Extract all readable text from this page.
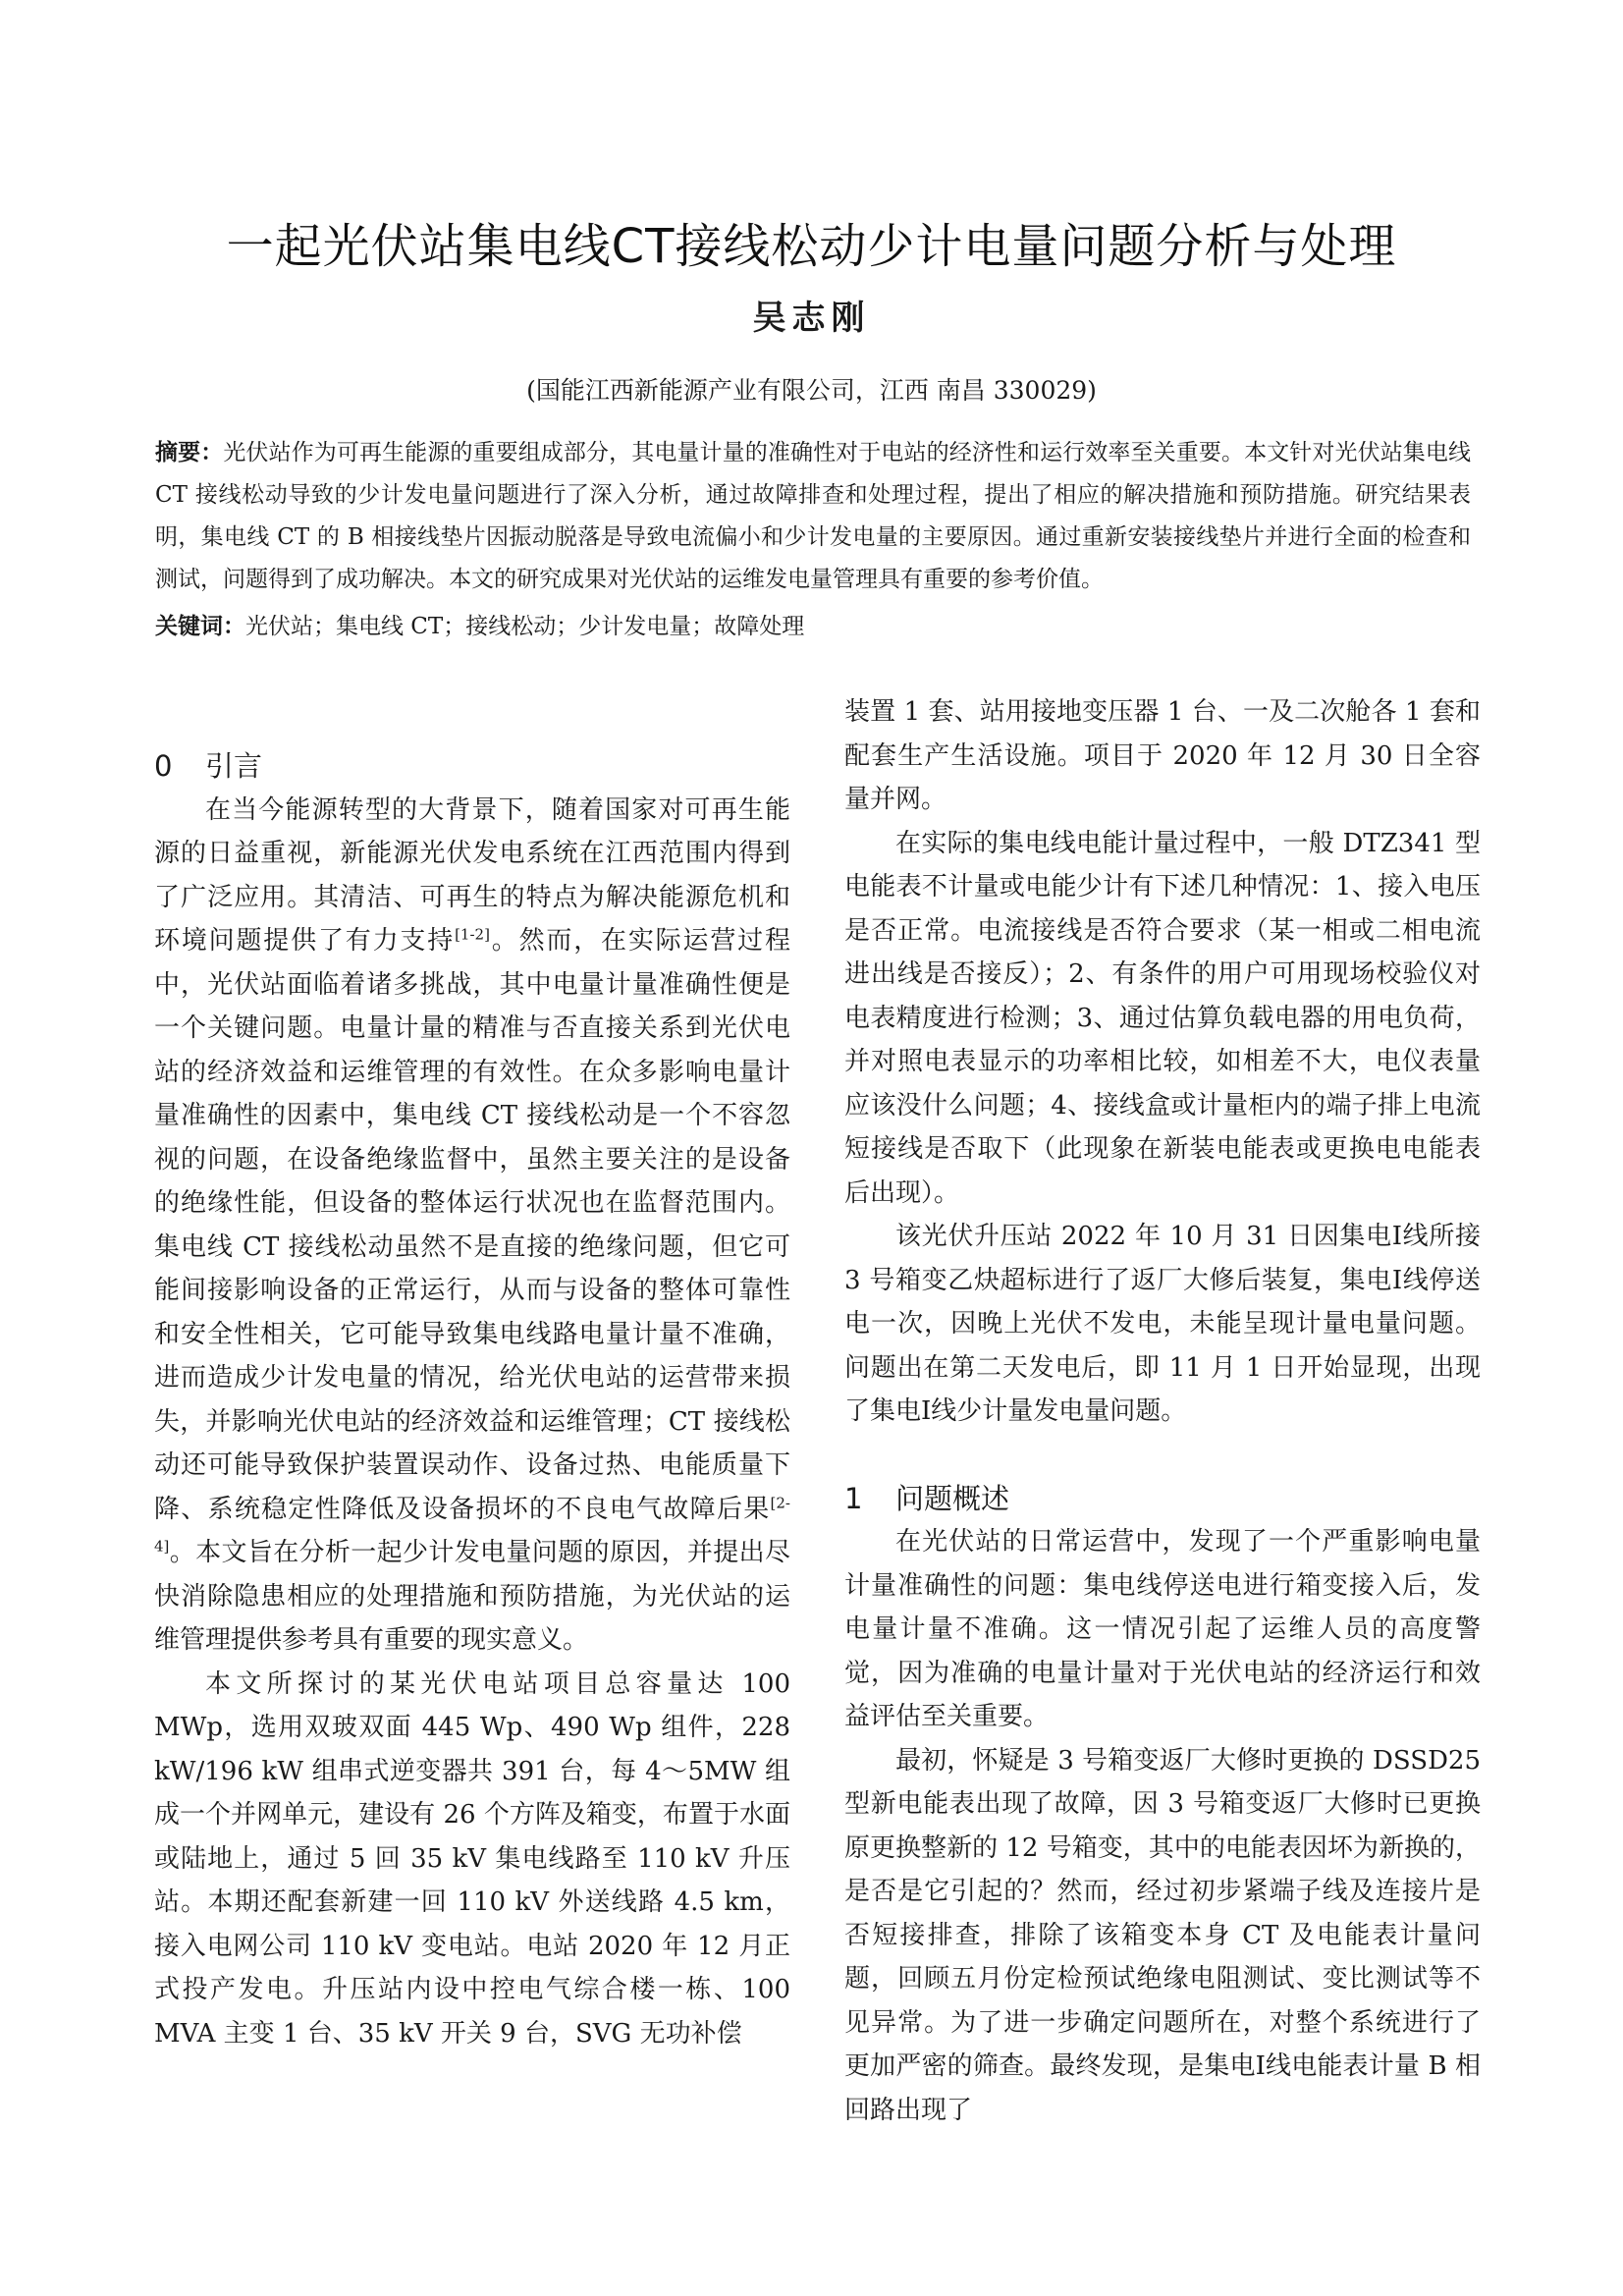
一起光伏站集电线CT接线松动少计电量问题分析与处理
吴志刚
(国能江西新能源产业有限公司，江西 南昌 330029)
摘要：光伏站作为可再生能源的重要组成部分，其电量计量的准确性对于电站的经济性和运行效率至关重要。本文针对光伏站集电线 CT 接线松动导致的少计发电量问题进行了深入分析，通过故障排查和处理过程，提出了相应的解决措施和预防措施。研究结果表明，集电线 CT 的 B 相接线垫片因振动脱落是导致电流偏小和少计发电量的主要原因。通过重新安装接线垫片并进行全面的检查和测试，问题得到了成功解决。本文的研究成果对光伏站的运维发电量管理具有重要的参考价值。
关键词：光伏站；集电线 CT；接线松动；少计发电量；故障处理
0 引言

在当今能源转型的大背景下，随着国家对可再生能源的日益重视，新能源光伏发电系统在江西范围内得到了广泛应用。其清洁、可再生的特点为解决能源危机和环境问题提供了有力支持[1-2]。然而，在实际运营过程中，光伏站面临着诸多挑战，其中电量计量准确性便是一个关键问题。电量计量的精准与否直接关系到光伏电站的经济效益和运维管理的有效性。在众多影响电量计量准确性的因素中，集电线 CT 接线松动是一个不容忽视的问题，在设备绝缘监督中，虽然主要关注的是设备的绝缘性能，但设备的整体运行状况也在监督范围内。集电线 CT 接线松动虽然不是直接的绝缘问题，但它可能间接影响设备的正常运行，从而与设备的整体可靠性和安全性相关，它可能导致集电线路电量计量不准确，进而造成少计发电量的情况，给光伏电站的运营带来损失，并影响光伏电站的经济效益和运维管理；CT 接线松动还可能导致保护装置误动作、设备过热、电能质量下降、系统稳定性降低及设备损坏的不良电气故障后果[2-4]。本文旨在分析一起少计发电量问题的原因，并提出尽快消除隐患相应的处理措施和预防措施，为光伏站的运维管理提供参考具有重要的现实意义。

本文所探讨的某光伏电站项目总容量达 100 MWp，选用双玻双面 445 Wp、490 Wp 组件，228 kW/196 kW 组串式逆变器共 391 台，每 4～5MW 组成一个并网单元，建设有 26 个方阵及箱变，布置于水面或陆地上，通过 5 回 35 kV 集电线路至 110 kV 升压站。本期还配套新建一回 110 kV 外送线路 4.5 km，接入电网公司 110 kV 变电站。电站 2020 年 12 月正式投产发电。升压站内设中控电气综合楼一栋、100 MVA 主变 1 台、35 kV 开关 9 台，SVG 无功补偿

装置 1 套、站用接地变压器 1 台、一及二次舱各 1 套和配套生产生活设施。项目于 2020 年 12 月 30 日全容量并网。

在实际的集电线电能计量过程中，一般 DTZ341 型电能表不计量或电能少计有下述几种情况：1、接入电压是否正常。电流接线是否符合要求（某一相或二相电流进出线是否接反）；2、有条件的用户可用现场校验仪对电表精度进行检测；3、通过估算负载电器的用电负荷，并对照电表显示的功率相比较，如相差不大，电仪表量应该没什么问题；4、接线盒或计量柜内的端子排上电流短接线是否取下（此现象在新装电能表或更换电电能表后出现）。

该光伏升压站 2022 年 10 月 31 日因集电Ⅰ线所接 3 号箱变乙炔超标进行了返厂大修后装复，集电Ⅰ线停送电一次，因晚上光伏不发电，未能呈现计量电量问题。问题出在第二天发电后，即 11 月 1 日开始显现，出现了集电Ⅰ线少计量发电量问题。

1 问题概述

在光伏站的日常运营中，发现了一个严重影响电量计量准确性的问题：集电线停送电进行箱变接入后，发电量计量不准确。这一情况引起了运维人员的高度警觉，因为准确的电量计量对于光伏电站的经济运行和效益评估至关重要。

最初，怀疑是 3 号箱变返厂大修时更换的 DSSD25 型新电能表出现了故障，因 3 号箱变返厂大修时已更换原更换整新的 12 号箱变，其中的电能表因坏为新换的，是否是它引起的？然而，经过初步紧端子线及连接片是否短接排查，排除了该箱变本身 CT 及电能表计量问题，回顾五月份定检预试绝缘电阻测试、变比测试等不见异常。为了进一步确定问题所在，对整个系统进行了更加严密的筛查。最终发现，是集电Ⅰ线电能表计量 B 相回路出现了
